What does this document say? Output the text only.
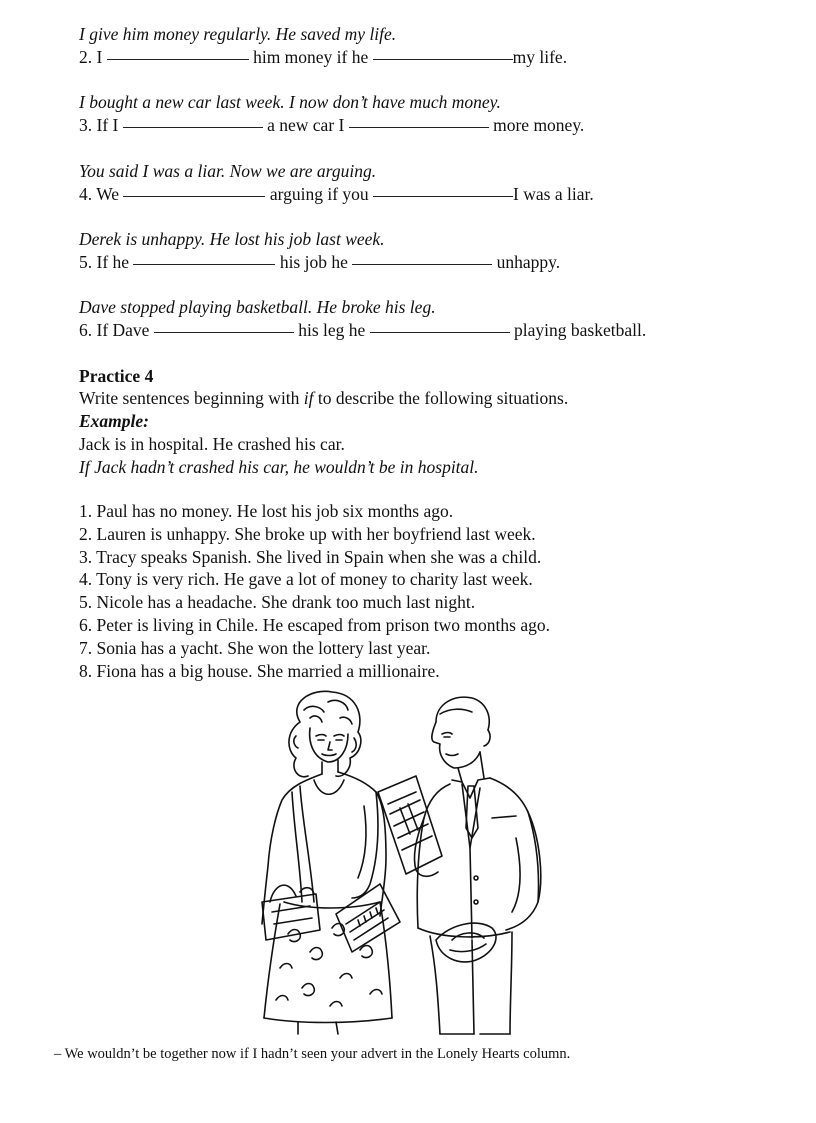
I give him money regularly. He saved my life.
2. I	him money if he	my life.
I bought a new car last week. I now don’t have much money.
3. If I	a new car I	more money.
You said I was a liar. Now we are arguing.
4. We	arguing if you	I was a liar.
Derek is unhappy. He lost his job last week.
5. If he	his job he	unhappy.
Dave stopped playing basketball. He broke his leg.
6. If Dave	his leg he	playing basketball.
Practice 4
Write sentences beginning with if to describe the following situations.
Example:
Jack is in hospital. He crashed his car.
If Jack hadn’t crashed his car, he wouldn’t be in hospital.
1. Paul has no money. He lost his job six months ago.
2. Lauren is unhappy. She broke up with her boyfriend last week.
3. Tracy speaks Spanish. She lived in Spain when she was a child.
4. Tony is very rich. He gave a lot of money to charity last week.
5. Nicole has a headache. She drank too much last night.
6. Peter is living in Chile. He escaped from prison two months ago.
7. Sonia has a yacht. She won the lottery last year.
8. Fiona has a big house. She married a millionaire.
– We wouldn’t be together now if I hadn’t seen your advert in the Lonely Hearts column.
